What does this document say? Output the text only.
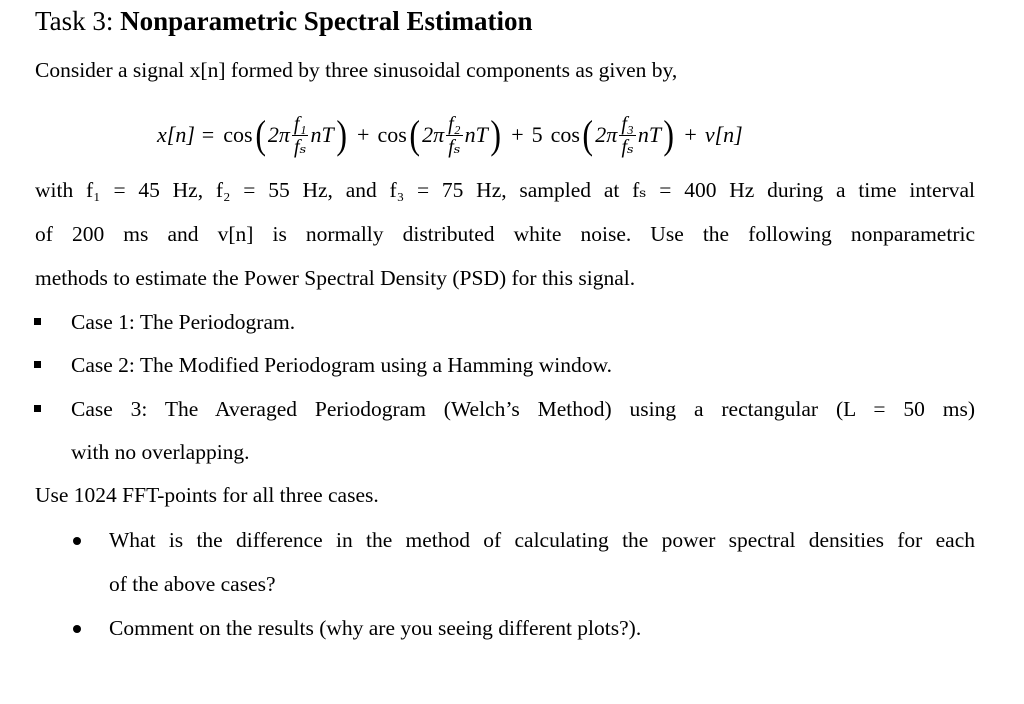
Task 3: Nonparametric Spectral Estimation
Consider a signal x[n] formed by three sinusoidal components as given by,
x[n] = cos ( $2\pi \frac{\text{f₁}}{\text{fₛ}}$ nT ) + cos ( $2\pi \frac{\text{f₂}}{\text{fₛ}}$ nT ) + 5 cos ( $2\pi \frac{\text{f₃}}{\text{fₛ}}$ nT ) + v[n]
with f₁ = 45 Hz, f₂ = 55 Hz, and f₃ = 75 Hz, sampled at fₛ = 400 Hz during a time interval
of 200 ms and v[n] is normally distributed white noise. Use the following nonparametric
methods to estimate the Power Spectral Density (PSD) for this signal.
Case 1: The Periodogram.
Case 2: The Modified Periodogram using a Hamming window.
Case 3: The Averaged Periodogram (Welch’s Method) using a rectangular (L = 50 ms)
with no overlapping.
Use 1024 FFT-points for all three cases.
What is the difference in the method of calculating the power spectral densities for each
of the above cases?
Comment on the results (why are you seeing different plots?).
